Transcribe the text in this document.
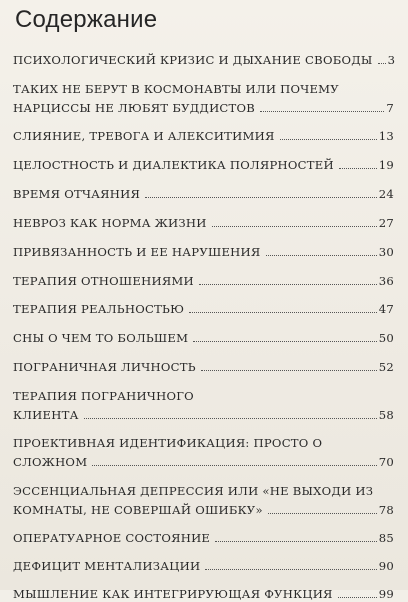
Содержание
ПСИХОЛОГИЧЕСКИЙ КРИЗИС И ДЫХАНИЕ СВОБОДЫ 3
ТАКИХ НЕ БЕРУТ В КОСМОНАВТЫ ИЛИ ПОЧЕМУ
НАРЦИССЫ НЕ ЛЮБЯТ БУДДИСТОВ	7
СЛИЯНИЕ, ТРЕВОГА И АЛЕКСИТИМИЯ	13
ЦЕЛОСТНОСТЬ И ДИАЛЕКТИКА ПОЛЯРНОСТЕЙ	19
ВРЕМЯ ОТЧАЯНИЯ	24
НЕВРОЗ КАК НОРМА ЖИЗНИ	27
ПРИВЯЗАННОСТЬ И ЕЕ НАРУШЕНИЯ	30
ТЕРАПИЯ ОТНОШЕНИЯМИ	36
ТЕРАПИЯ РЕАЛЬНОСТЬЮ	47
СНЫ О ЧЕМ ТО БОЛЬШЕМ	50
ПОГРАНИЧНАЯ ЛИЧНОСТЬ	52
ТЕРАПИЯ ПОГРАНИЧНОГО
КЛИЕНТА	58
ПРОЕКТИВНАЯ ИДЕНТИФИКАЦИЯ: ПРОСТО О
СЛОЖНОМ	70
ЭССЕНЦИАЛЬНАЯ ДЕПРЕССИЯ ИЛИ «НЕ ВЫХОДИ ИЗ
КОМНАТЫ, НЕ СОВЕРШАЙ ОШИБКУ»	78
ОПЕРАТУАРНОЕ СОСТОЯНИЕ	85
ДЕФИЦИТ МЕНТАЛИЗАЦИИ	90
МЫШЛЕНИЕ КАК ИНТЕГРИРУЮЩАЯ ФУНКЦИЯ	99
